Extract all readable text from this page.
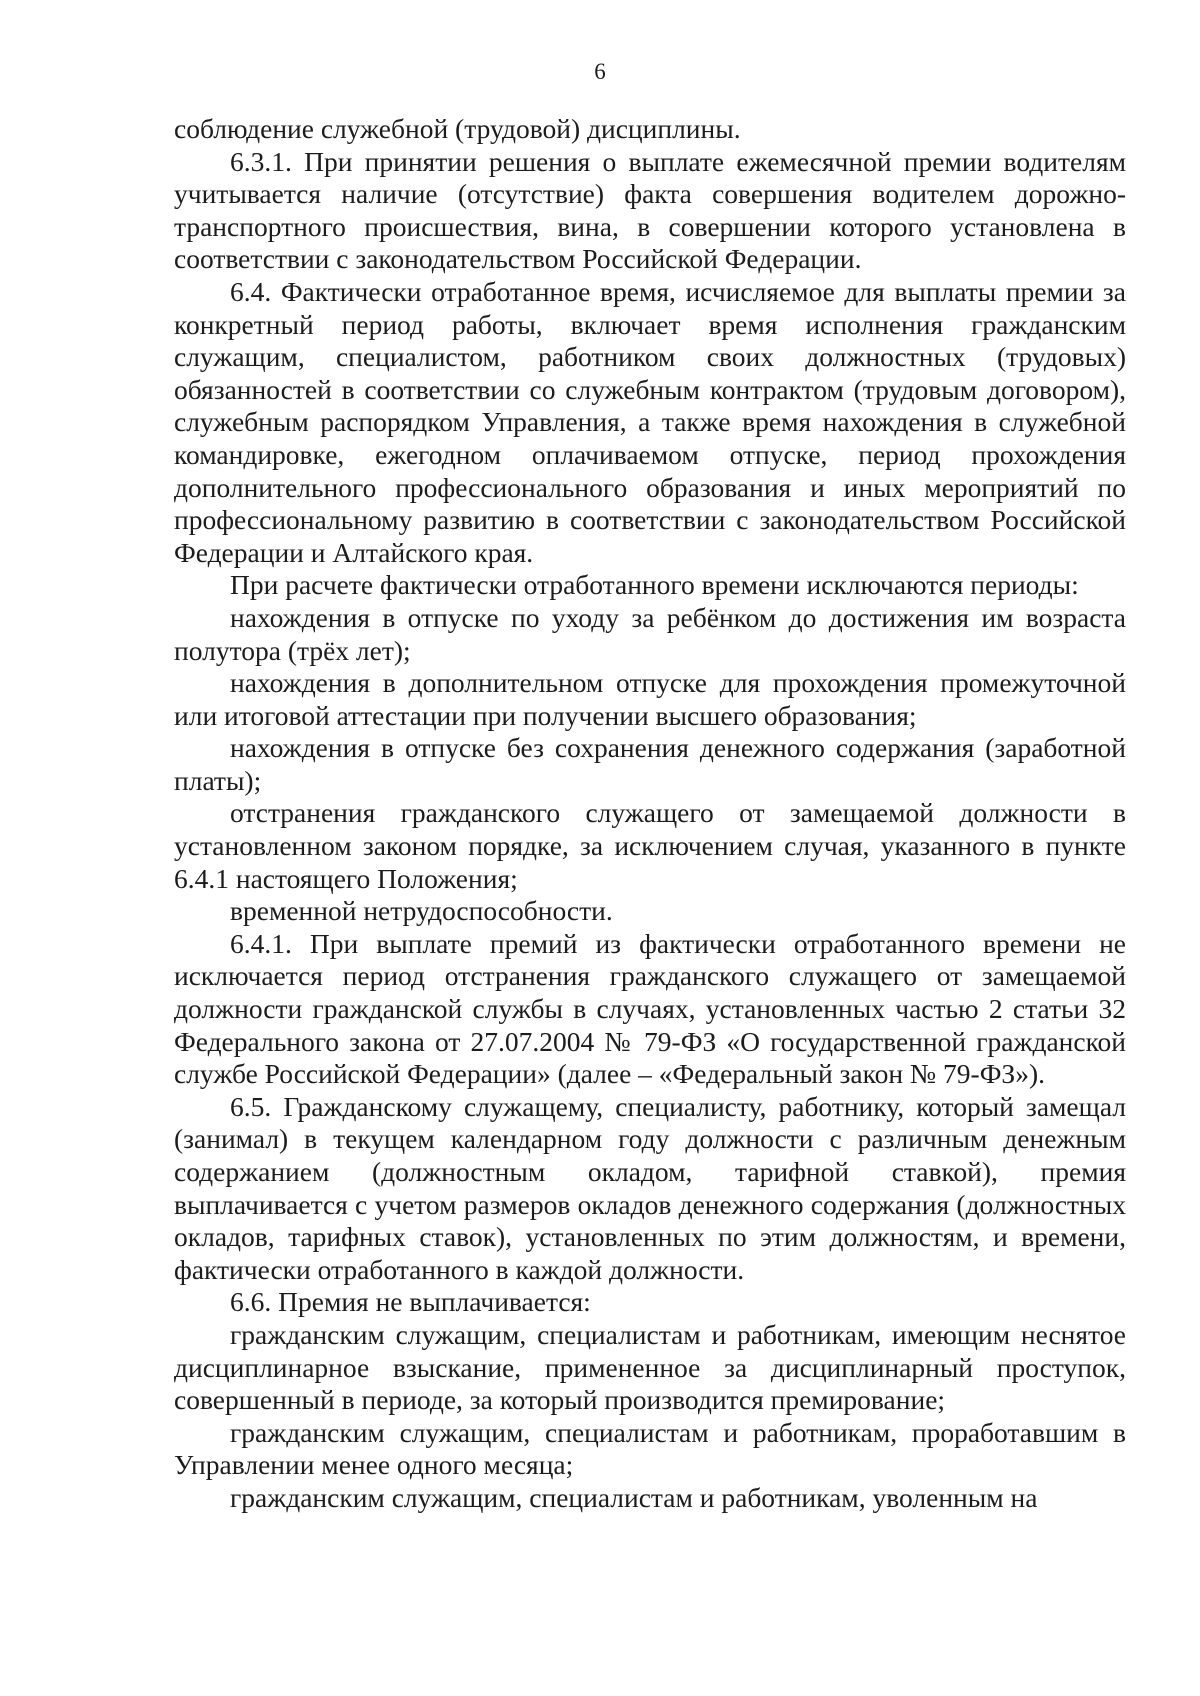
6

соблюдение служебной (трудовой) дисциплины.

6.3.1. При принятии решения о выплате ежемесячной премии водителям учитывается наличие (отсутствие) факта совершения водителем дорожно-транспортного происшествия, вина, в совершении которого установлена в соответствии с законодательством Российской Федерации.

6.4. Фактически отработанное время, исчисляемое для выплаты премии за конкретный период работы, включает время исполнения гражданским служащим, специалистом, работником своих должностных (трудовых) обязанностей в соответствии со служебным контрактом (трудовым договором), служебным распорядком Управления, а также время нахождения в служебной командировке, ежегодном оплачиваемом отпуске, период прохождения дополнительного профессионального образования и иных мероприятий по профессиональному развитию в соответствии с законодательством Российской Федерации и Алтайского края.

При расчете фактически отработанного времени исключаются периоды:

нахождения в отпуске по уходу за ребёнком до достижения им возраста полутора (трёх лет);

нахождения в дополнительном отпуске для прохождения промежуточной или итоговой аттестации при получении высшего образования;

нахождения в отпуске без сохранения денежного содержания (заработной платы);

отстранения гражданского служащего от замещаемой должности в установленном законом порядке, за исключением случая, указанного в пункте 6.4.1 настоящего Положения;

временной нетрудоспособности.

6.4.1. При выплате премий из фактически отработанного времени не исключается период отстранения гражданского служащего от замещаемой должности гражданской службы в случаях, установленных частью 2 статьи 32 Федерального закона от 27.07.2004 № 79-ФЗ «О государственной гражданской службе Российской Федерации» (далее – «Федеральный закон № 79-ФЗ»).

6.5. Гражданскому служащему, специалисту, работнику, который замещал (занимал) в текущем календарном году должности с различным денежным содержанием (должностным окладом, тарифной ставкой), премия выплачивается с учетом размеров окладов денежного содержания (должностных окладов, тарифных ставок), установленных по этим должностям, и времени, фактически отработанного в каждой должности.

6.6. Премия не выплачивается:

гражданским служащим, специалистам и работникам, имеющим неснятое дисциплинарное взыскание, примененное за дисциплинарный проступок, совершенный в периоде, за который производится премирование;

гражданским служащим, специалистам и работникам, проработавшим в Управлении менее одного месяца;

гражданским служащим, специалистам и работникам, уволенным на
